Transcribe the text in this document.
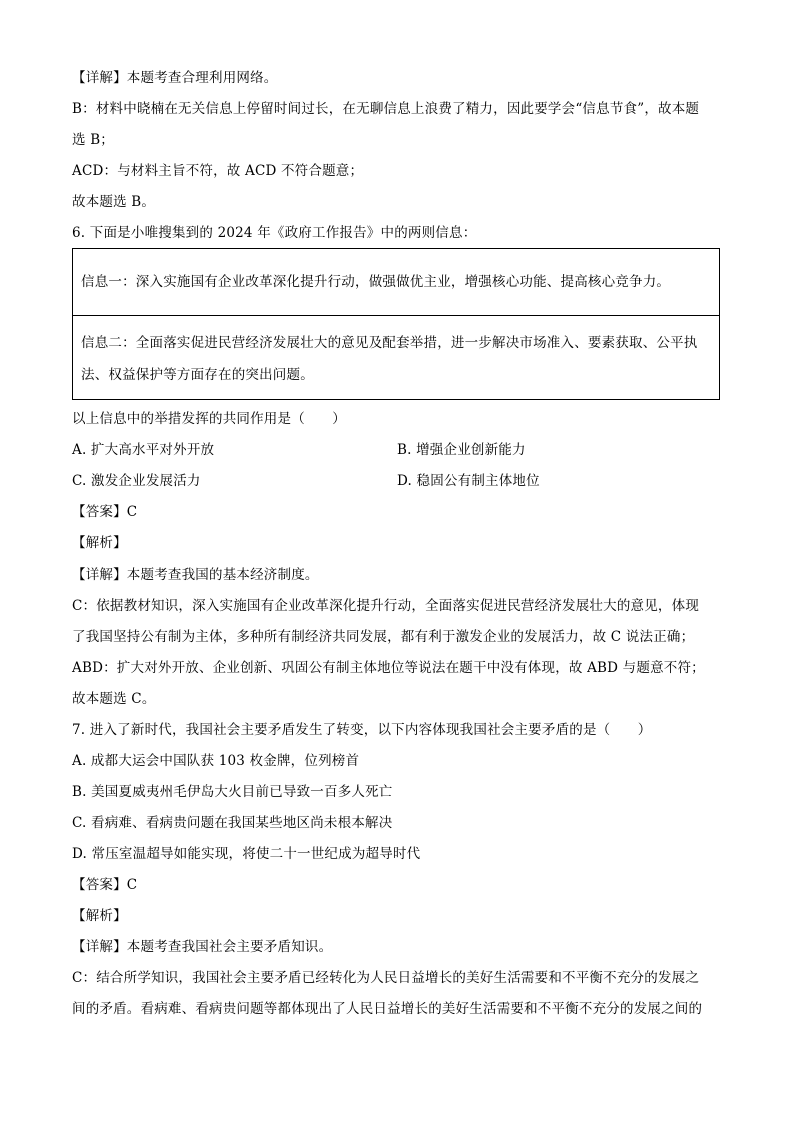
【详解】本题考查合理利用网络。
B：材料中晓楠在无关信息上停留时间过长，在无聊信息上浪费了精力，因此要学会“信息节食”，故本题
选 B；
ACD：与材料主旨不符，故 ACD 不符合题意；
故本题选 B。
6. 下面是小唯搜集到的 2024 年《政府工作报告》中的两则信息：
信息一：深入实施国有企业改革深化提升行动，做强做优主业，增强核心功能、提高核心竞争力。
信息二：全面落实促进民营经济发展壮大的意见及配套举措，进一步解决市场准入、要素获取、公平执
法、权益保护等方面存在的突出问题。
以上信息中的举措发挥的共同作用是（　　）
A. 扩大高水平对外开放	B. 增强企业创新能力
C. 激发企业发展活力	D. 稳固公有制主体地位
【答案】C
【解析】
【详解】本题考查我国的基本经济制度。
C：依据教材知识，深入实施国有企业改革深化提升行动，全面落实促进民营经济发展壮大的意见，体现
了我国坚持公有制为主体，多种所有制经济共同发展，都有利于激发企业的发展活力，故 C 说法正确；
ABD：扩大对外开放、企业创新、巩固公有制主体地位等说法在题干中没有体现，故 ABD 与题意不符；
故本题选 C。
7. 进入了新时代，我国社会主要矛盾发生了转变，以下内容体现我国社会主要矛盾的是（　　）
A. 成都大运会中国队获 103 枚金牌，位列榜首
B. 美国夏威夷州毛伊岛大火目前已导致一百多人死亡
C. 看病难、看病贵问题在我国某些地区尚未根本解决
D. 常压室温超导如能实现，将使二十一世纪成为超导时代
【答案】C
【解析】
【详解】本题考查我国社会主要矛盾知识。
C：结合所学知识，我国社会主要矛盾已经转化为人民日益增长的美好生活需要和不平衡不充分的发展之
间的矛盾。看病难、看病贵问题等都体现出了人民日益增长的美好生活需要和不平衡不充分的发展之间的
